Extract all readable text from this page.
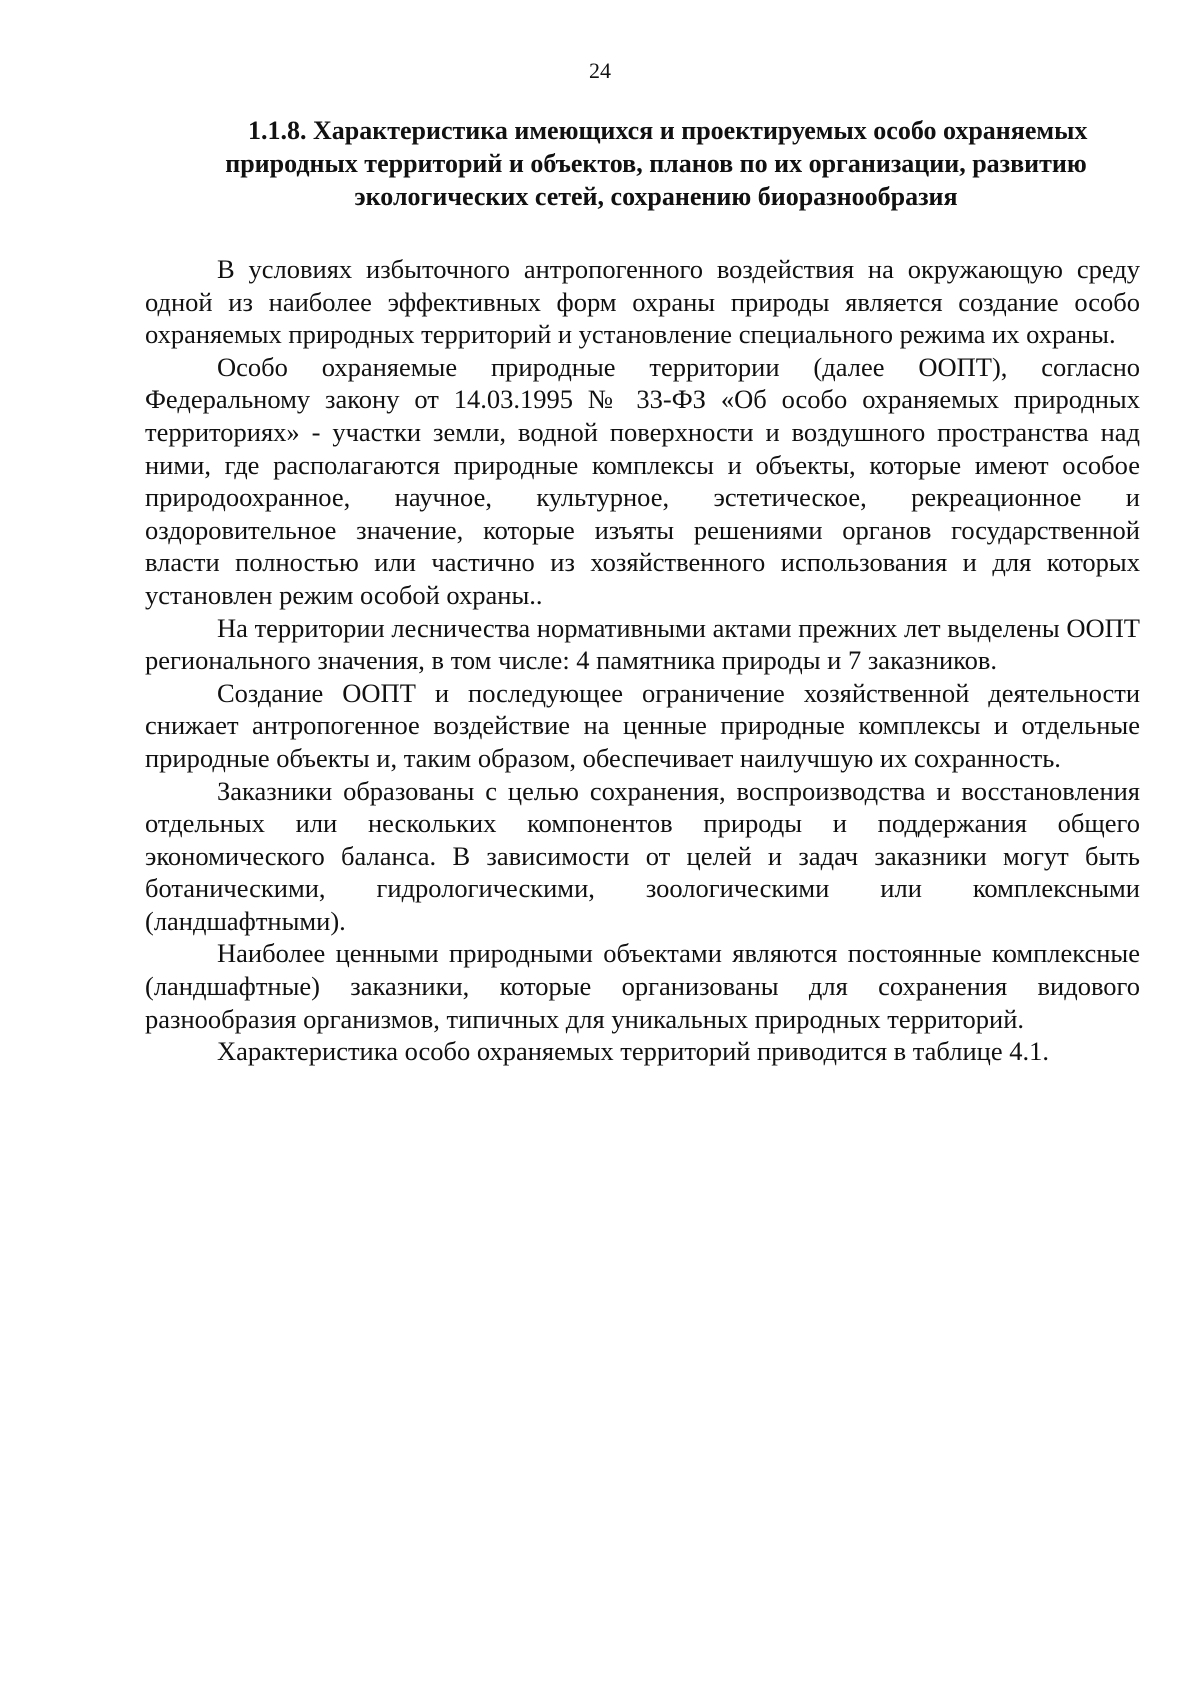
24
1.1.8. Характеристика имеющихся и проектируемых особо охраняемых
природных территорий и объектов, планов по их организации, развитию
экологических сетей, сохранению биоразнообразия

В условиях избыточного антропогенного воздействия на окружающую среду одной из наиболее эффективных форм охраны природы является создание особо охраняемых природных территорий и установление специального режима их охраны.

Особо охраняемые природные территории (далее ООПТ), согласно Федеральному закону от 14.03.1995 № 33-ФЗ «Об особо охраняемых природных территориях» - участки земли, водной поверхности и воздушного пространства над ними, где располагаются природные комплексы и объекты, которые имеют особое природоохранное, научное, культурное, эстетическое, рекреационное и оздоровительное значение, которые изъяты решениями органов государственной власти полностью или частично из хозяйственного использования и для которых установлен режим особой охраны..

На территории лесничества нормативными актами прежних лет выделены ООПТ регионального значения, в том числе: 4 памятника природы и 7 заказников.

Создание ООПТ и последующее ограничение хозяйственной деятельности снижает антропогенное воздействие на ценные природные комплексы и отдельные природные объекты и, таким образом, обеспечивает наилучшую их сохранность.

Заказники образованы с целью сохранения, воспроизводства и восстановления отдельных или нескольких компонентов природы и поддержания общего экономического баланса. В зависимости от целей и задач заказники могут быть ботаническими, гидрологическими, зоологическими или комплексными (ландшафтными).

Наиболее ценными природными объектами являются постоянные комплексные (ландшафтные) заказники, которые организованы для сохранения видового разнообразия организмов, типичных для уникальных природных территорий.

Характеристика особо охраняемых территорий приводится в таблице 4.1.
